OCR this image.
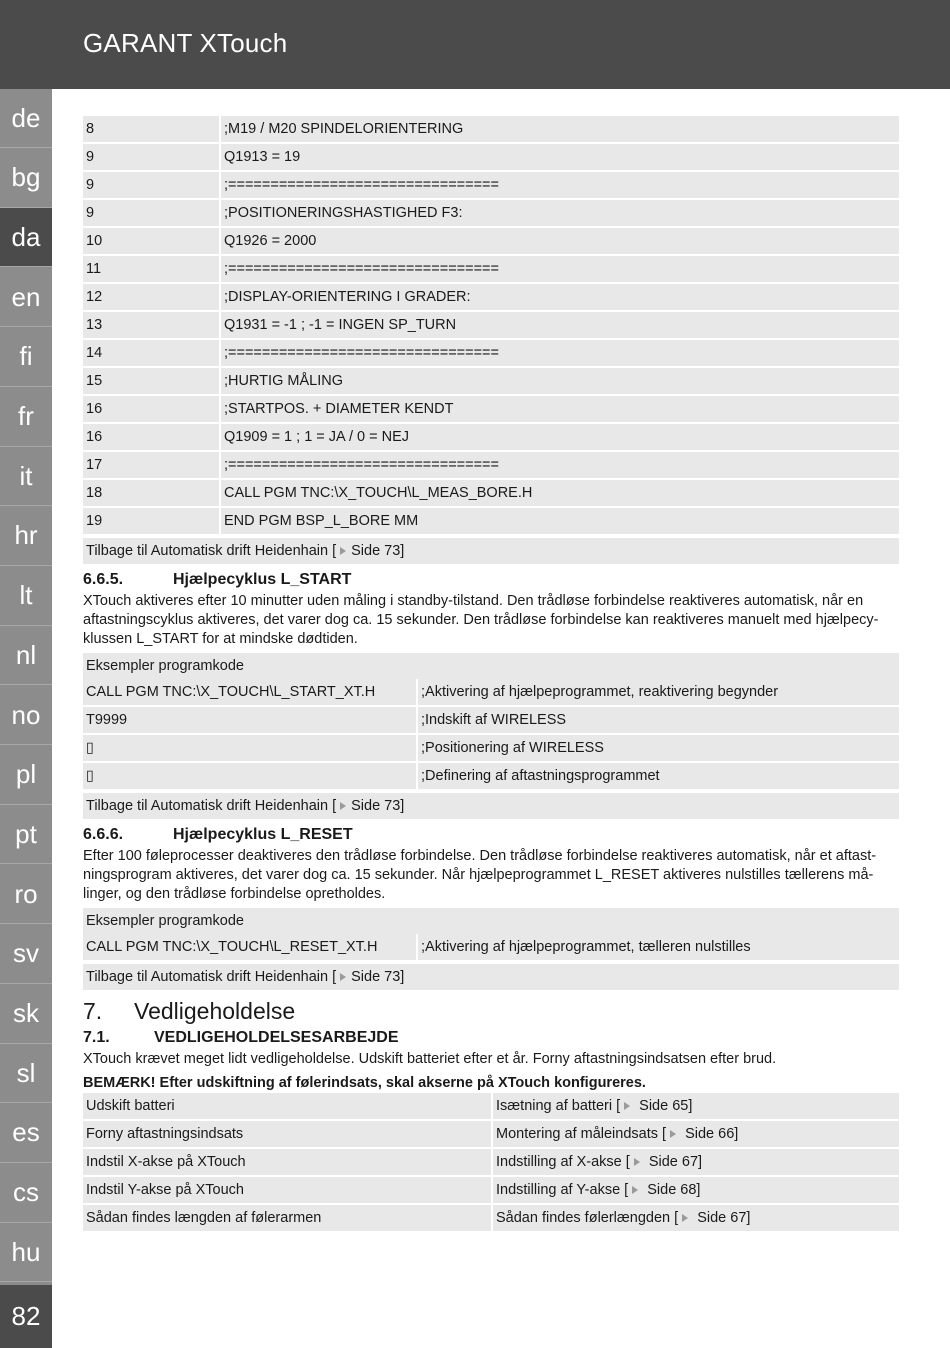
GARANT XTouch
de
bg
da
en
fi
fr
it
hr
lt
nl
no
pl
pt
ro
sv
sk
sl
es
cs
hu
82
8	;M19 / M20 SPINDELORIENTERING
9	Q1913 = 19
9	;================================
9	;POSITIONERINGSHASTIGHED F3:
10	Q1926 = 2000
11	;================================
12	;DISPLAY-ORIENTERING I GRADER:
13	Q1931 = -1 ; -1 = INGEN SP_TURN
14	;================================
15	;HURTIG MÅLING
16	;STARTPOS. + DIAMETER KENDT
16	Q1909 = 1 ; 1 = JA / 0 = NEJ
17	;================================
18	CALL PGM TNC:\X_TOUCH\L_MEAS_BORE.H
19	END PGM BSP_L_BORE MM
Tilbage til Automatisk drift Heidenhain [ Side 73]
6.6.5.	Hjælpecyklus L_START
XTouch aktiveres efter 10 minutter uden måling i standby-tilstand. Den trådløse forbindelse reaktiveres automatisk, når en
aftastningscyklus aktiveres, det varer dog ca. 15 sekunder. Den trådløse forbindelse kan reaktiveres manuelt med hjælpecy-
klussen L_START for at mindske dødtiden.
Eksempler programkode
CALL PGM TNC:\X_TOUCH\L_START_XT.H	;Aktivering af hjælpeprogrammet, reaktivering begynder
T9999	;Indskift af WIRELESS
▯	;Positionering af WIRELESS
▯	;Definering af aftastningsprogrammet
Tilbage til Automatisk drift Heidenhain [ Side 73]
6.6.6.	Hjælpecyklus L_RESET
Efter 100 føleprocesser deaktiveres den trådløse forbindelse. Den trådløse forbindelse reaktiveres automatisk, når et aftast-
ningsprogram aktiveres, det varer dog ca. 15 sekunder. Når hjælpeprogrammet L_RESET aktiveres nulstilles tællerens må-
linger, og den trådløse forbindelse opretholdes.
Eksempler programkode
CALL PGM TNC:\X_TOUCH\L_RESET_XT.H	;Aktivering af hjælpeprogrammet, tælleren nulstilles
Tilbage til Automatisk drift Heidenhain [ Side 73]
7.	Vedligeholdelse
7.1.	VEDLIGEHOLDELSESARBEJDE
XTouch krævet meget lidt vedligeholdelse. Udskift batteriet efter et år. Forny aftastningsindsatsen efter brud.
BEMÆRK! Efter udskiftning af følerindsats, skal akserne på XTouch konfigureres.
Udskift batteri	Isætning af batteri [ Side 65]
Forny aftastningsindsats	Montering af måleindsats [ Side 66]
Indstil X-akse på XTouch	Indstilling af X-akse [ Side 67]
Indstil Y-akse på XTouch	Indstilling af Y-akse [ Side 68]
Sådan findes længden af følerarmen	Sådan findes følerlængden [ Side 67]
